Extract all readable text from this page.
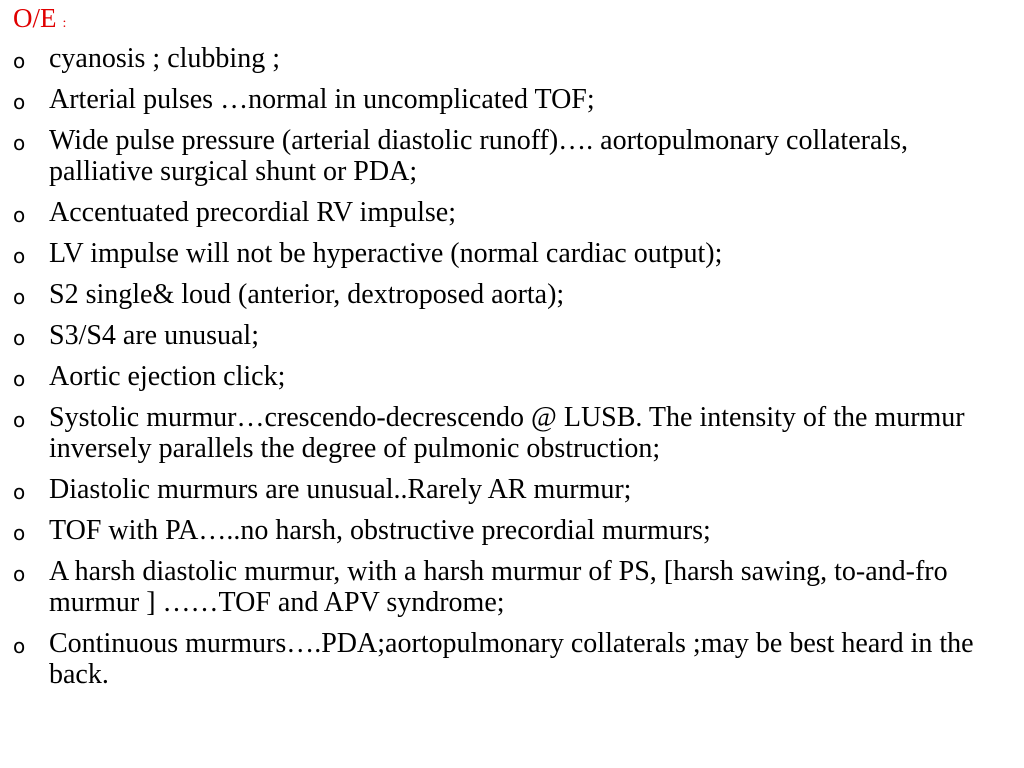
O/E :
o cyanosis ; clubbing ;
o Arterial pulses …normal in uncomplicated TOF;
o Wide pulse pressure (arterial diastolic runoff)…. aortopulmonary collaterals, palliative surgical shunt or PDA;
o Accentuated precordial RV impulse;
o LV impulse will not be hyperactive (normal cardiac output);
o S2 single& loud (anterior, dextroposed aorta);
o S3/S4 are unusual;
o Aortic ejection click;
o Systolic murmur…crescendo-decrescendo @ LUSB. The intensity of the murmur inversely parallels the degree of pulmonic obstruction;
o Diastolic murmurs are unusual..Rarely AR murmur;
o TOF with PA…..no harsh, obstructive precordial murmurs;
o A harsh diastolic murmur, with a harsh murmur of PS, [harsh sawing, to-and-fro murmur ] ……TOF and APV syndrome;
o Continuous murmurs….PDA;aortopulmonary collaterals ;may be best heard in the back.
